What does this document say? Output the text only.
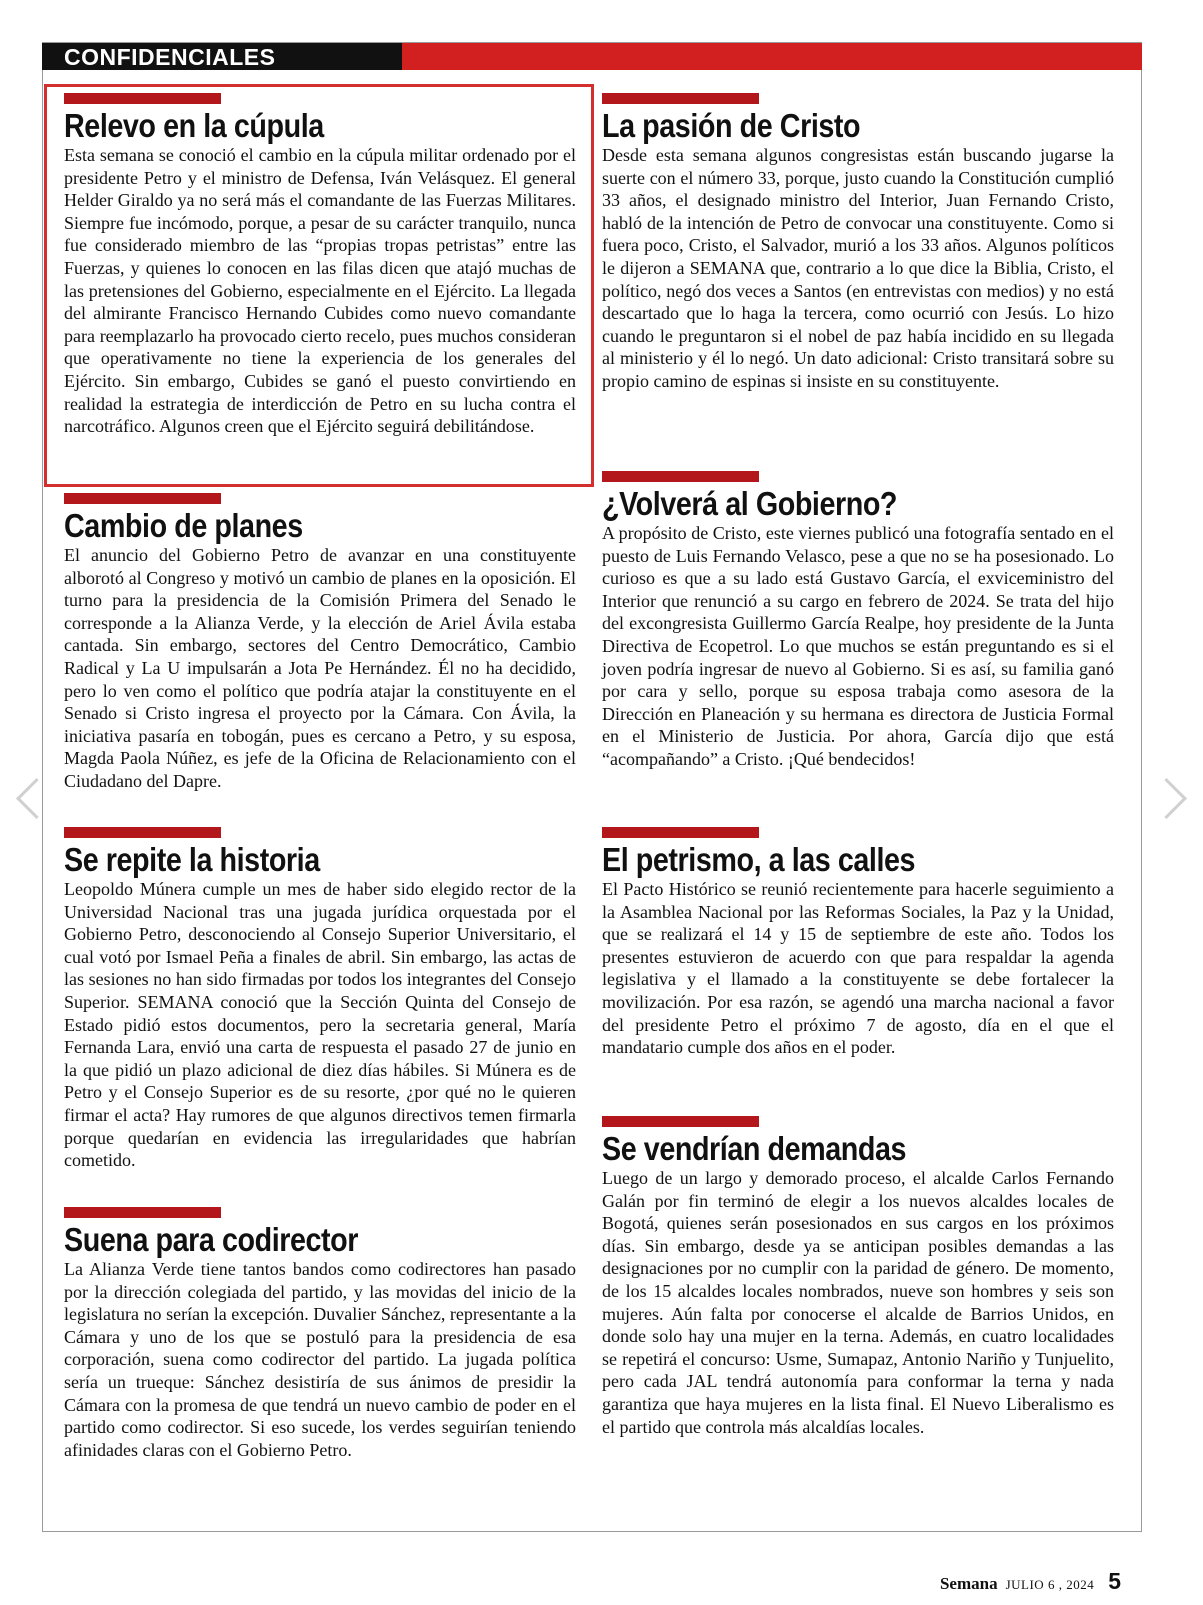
CONFIDENCIALES
Relevo en la cúpula

Esta semana se conoció el cambio en la cúpula militar ordenado por el presidente Petro y el ministro de Defensa, Iván Velásquez. El general Helder Giraldo ya no será más el comandante de las Fuerzas Militares. Siempre fue incómodo, porque, a pesar de su carácter tranquilo, nunca fue considerado miembro de las “propias tropas petristas” entre las Fuerzas, y quienes lo conocen en las filas dicen que atajó muchas de las pretensiones del Gobierno, especialmente en el Ejército. La llegada del almirante Francisco Hernando Cubides como nuevo comandante para reemplazarlo ha provocado cierto recelo, pues muchos consideran que operativamente no tiene la experiencia de los generales del Ejército. Sin embargo, Cubides se ganó el puesto convirtiendo en realidad la estrategia de interdicción de Petro en su lucha contra el narcotráfico. Algunos creen que el Ejército seguirá debilitándose.

Cambio de planes

El anuncio del Gobierno Petro de avanzar en una constituyente alborotó al Congreso y motivó un cambio de planes en la oposición. El turno para la presidencia de la Comisión Primera del Senado le corresponde a la Alianza Verde, y la elección de Ariel Ávila estaba cantada. Sin embargo, sectores del Centro Democrático, Cambio Radical y La U impulsarán a Jota Pe Hernández. Él no ha decidido, pero lo ven como el político que podría atajar la constituyente en el Senado si Cristo ingresa el proyecto por la Cámara. Con Ávila, la iniciativa pasaría en tobogán, pues es cercano a Petro, y su esposa, Magda Paola Núñez, es jefe de la Oficina de Relacionamiento con el Ciudadano del Dapre.

Se repite la historia

Leopoldo Múnera cumple un mes de haber sido elegido rector de la Universidad Nacional tras una jugada jurídica orquestada por el Gobierno Petro, desconociendo al Consejo Superior Universitario, el cual votó por Ismael Peña a finales de abril. Sin embargo, las actas de las sesiones no han sido firmadas por todos los integrantes del Consejo Superior. SEMANA conoció que la Sección Quinta del Consejo de Estado pidió estos documentos, pero la secretaria general, María Fernanda Lara, envió una carta de respuesta el pasado 27 de junio en la que pidió un plazo adicional de diez días hábiles. Si Múnera es de Petro y el Consejo Superior es de su resorte, ¿por qué no le quieren firmar el acta? Hay rumores de que algunos directivos temen firmarla porque quedarían en evidencia las irregularidades que habrían cometido.

Suena para codirector

La Alianza Verde tiene tantos bandos como codirectores han pasado por la dirección colegiada del partido, y las movidas del inicio de la legislatura no serían la excepción. Duvalier Sánchez, representante a la Cámara y uno de los que se postuló para la presidencia de esa corporación, suena como codirector del partido. La jugada política sería un trueque: Sánchez desistiría de sus ánimos de presidir la Cámara con la promesa de que tendrá un nuevo cambio de poder en el partido como codirector. Si eso sucede, los verdes seguirían teniendo afinidades claras con el Gobierno Petro.

La pasión de Cristo

Desde esta semana algunos congresistas están buscando jugarse la suerte con el número 33, porque, justo cuando la Constitución cumplió 33 años, el designado ministro del Interior, Juan Fernando Cristo, habló de la intención de Petro de convocar una constituyente. Como si fuera poco, Cristo, el Salvador, murió a los 33 años. Algunos políticos le dijeron a SEMANA que, contrario a lo que dice la Biblia, Cristo, el político, negó dos veces a Santos (en entrevistas con medios) y no está descartado que lo haga la tercera, como ocurrió con Jesús. Lo hizo cuando le preguntaron si el nobel de paz había incidido en su llegada al ministerio y él lo negó. Un dato adicional: Cristo transitará sobre su propio camino de espinas si insiste en su constituyente.

¿Volverá al Gobierno?

A propósito de Cristo, este viernes publicó una fotografía sentado en el puesto de Luis Fernando Velasco, pese a que no se ha posesionado. Lo curioso es que a su lado está Gustavo García, el exviceministro del Interior que renunció a su cargo en febrero de 2024. Se trata del hijo del excongresista Guillermo García Realpe, hoy presidente de la Junta Directiva de Ecopetrol. Lo que muchos se están preguntando es si el joven podría ingresar de nuevo al Gobierno. Si es así, su familia ganó por cara y sello, porque su esposa trabaja como asesora de la Dirección en Planeación y su hermana es directora de Justicia Formal en el Ministerio de Justicia. Por ahora, García dijo que está “acompañando” a Cristo. ¡Qué bendecidos!

El petrismo, a las calles

El Pacto Histórico se reunió recientemente para hacerle seguimiento a la Asamblea Nacional por las Reformas Sociales, la Paz y la Unidad, que se realizará el 14 y 15 de septiembre de este año. Todos los presentes estuvieron de acuerdo con que para respaldar la agenda legislativa y el llamado a la constituyente se debe fortalecer la movilización. Por esa razón, se agendó una marcha nacional a favor del presidente Petro el próximo 7 de agosto, día en el que el mandatario cumple dos años en el poder.

Se vendrían demandas

Luego de un largo y demorado proceso, el alcalde Carlos Fernando Galán por fin terminó de elegir a los nuevos alcaldes locales de Bogotá, quienes serán posesionados en sus cargos en los próximos días. Sin embargo, desde ya se anticipan posibles demandas a las designaciones por no cumplir con la paridad de género. De momento, de los 15 alcaldes locales nombrados, nueve son hombres y seis son mujeres. Aún falta por conocerse el alcalde de Barrios Unidos, en donde solo hay una mujer en la terna. Además, en cuatro localidades se repetirá el concurso: Usme, Sumapaz, Antonio Nariño y Tunjuelito, pero cada JAL tendrá autonomía para conformar la terna y nada garantiza que haya mujeres en la lista final. El Nuevo Liberalismo es el partido que controla más alcaldías locales.

Semana JULIO 6 , 2024 5
